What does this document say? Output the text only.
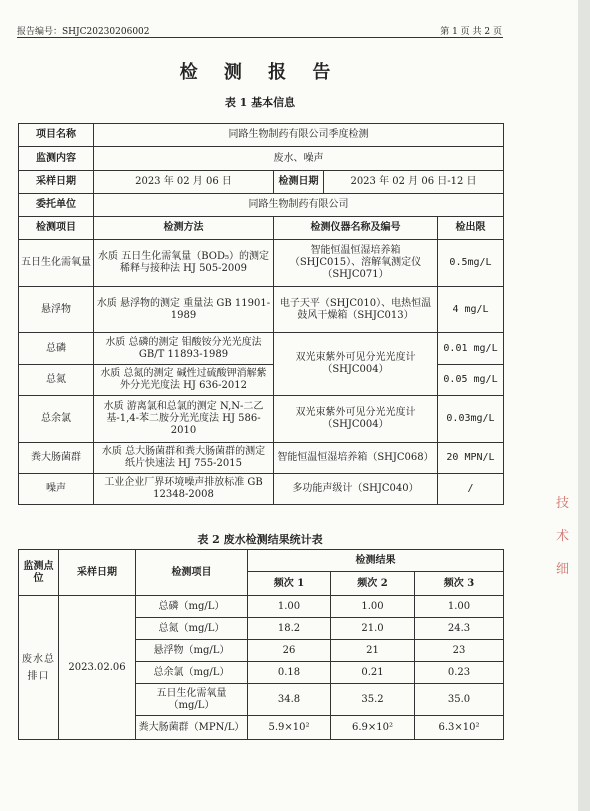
报告编号：SHJC20230206002	第 1 页 共 2 页
检 测 报 告
表 1 基本信息
项目名称	同路生物制药有限公司季度检测			
监测内容	废水、噪声			
采样日期	2023 年 02 月 06 日	检测日期	2023 年 02 月 06 日-12 日	
委托单位	同路生物制药有限公司			
检测项目	检测方法	检测仪器名称及编号		检出限
五日生化需氧量	水质 五日生化需氧量（BOD₅）的测定 稀释与接种法 HJ 505-2009	智能恒温恒湿培养箱（SHJC015）、溶解氧测定仪（SHJC071）		0.5mg/L
悬浮物	水质 悬浮物的测定 重量法 GB 11901-1989	电子天平（SHJC010）、电热恒温鼓风干燥箱（SHJC013）		4 mg/L
总磷	水质 总磷的测定 钼酸铵分光光度法 GB/T 11893-1989	双光束紫外可见分光光度计（SHJC004）		0.01 mg/L
总氮	水质 总氮的测定 碱性过硫酸钾消解紫外分光光度法 HJ 636-2012			0.05 mg/L
总余氯	水质 游离氯和总氯的测定 N,N-二乙基-1,4-苯二胺分光光度法 HJ 586-2010	双光束紫外可见分光光度计（SHJC004）		0.03mg/L
粪大肠菌群	水质 总大肠菌群和粪大肠菌群的测定 纸片快速法 HJ 755-2015	智能恒温恒湿培养箱（SHJC068）		20 MPN/L
噪声	工业企业厂界环境噪声排放标准 GB 12348-2008	多功能声级计（SHJC040）		/
表 2 废水检测结果统计表
监测点位	采样日期	检测项目	检测结果		
			频次 1	频次 2	频次 3
废水总排口	2023.02.06	总磷（mg/L）	1.00	1.00	1.00
		总氮（mg/L）	18.2	21.0	24.3
		悬浮物（mg/L）	26	21	23
		总余氯（mg/L）	0.18	0.21	0.23
		五日生化需氧量（mg/L）	34.8	35.2	35.0
		粪大肠菌群（MPN/L）	5.9×10²	6.9×10²	6.3×10²
技
术
细
